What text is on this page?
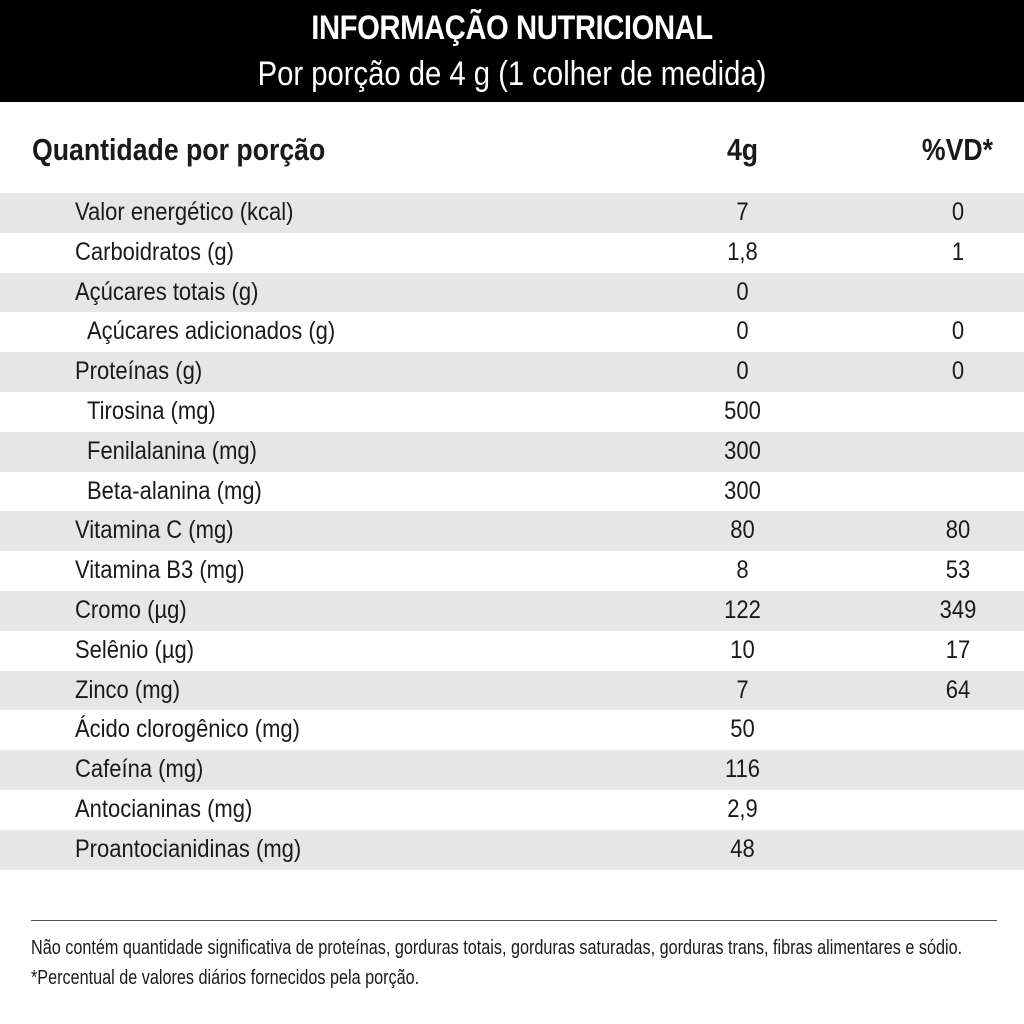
INFORMAÇÃO NUTRICIONAL
Por porção de 4 g (1 colher de medida)
Quantidade por porção	4g	%VD*
Valor energético (kcal)	7	0
Carboidratos (g)	1,8	1
Açúcares totais (g)	0
Açúcares adicionados (g)	0	0
Proteínas (g)	0	0
Tirosina (mg)	500
Fenilalanina (mg)	300
Beta-alanina (mg)	300
Vitamina C (mg)	80	80
Vitamina B3 (mg)	8	53
Cromo (µg)	122	349
Selênio (µg)	10	17
Zinco (mg)	7	64
Ácido clorogênico (mg)	50
Cafeína (mg)	116
Antocianinas (mg)	2,9
Proantocianidinas (mg)	48
Não contém quantidade significativa de proteínas, gorduras totais, gorduras saturadas, gorduras trans, fibras alimentares e sódio.
*Percentual de valores diários fornecidos pela porção.
